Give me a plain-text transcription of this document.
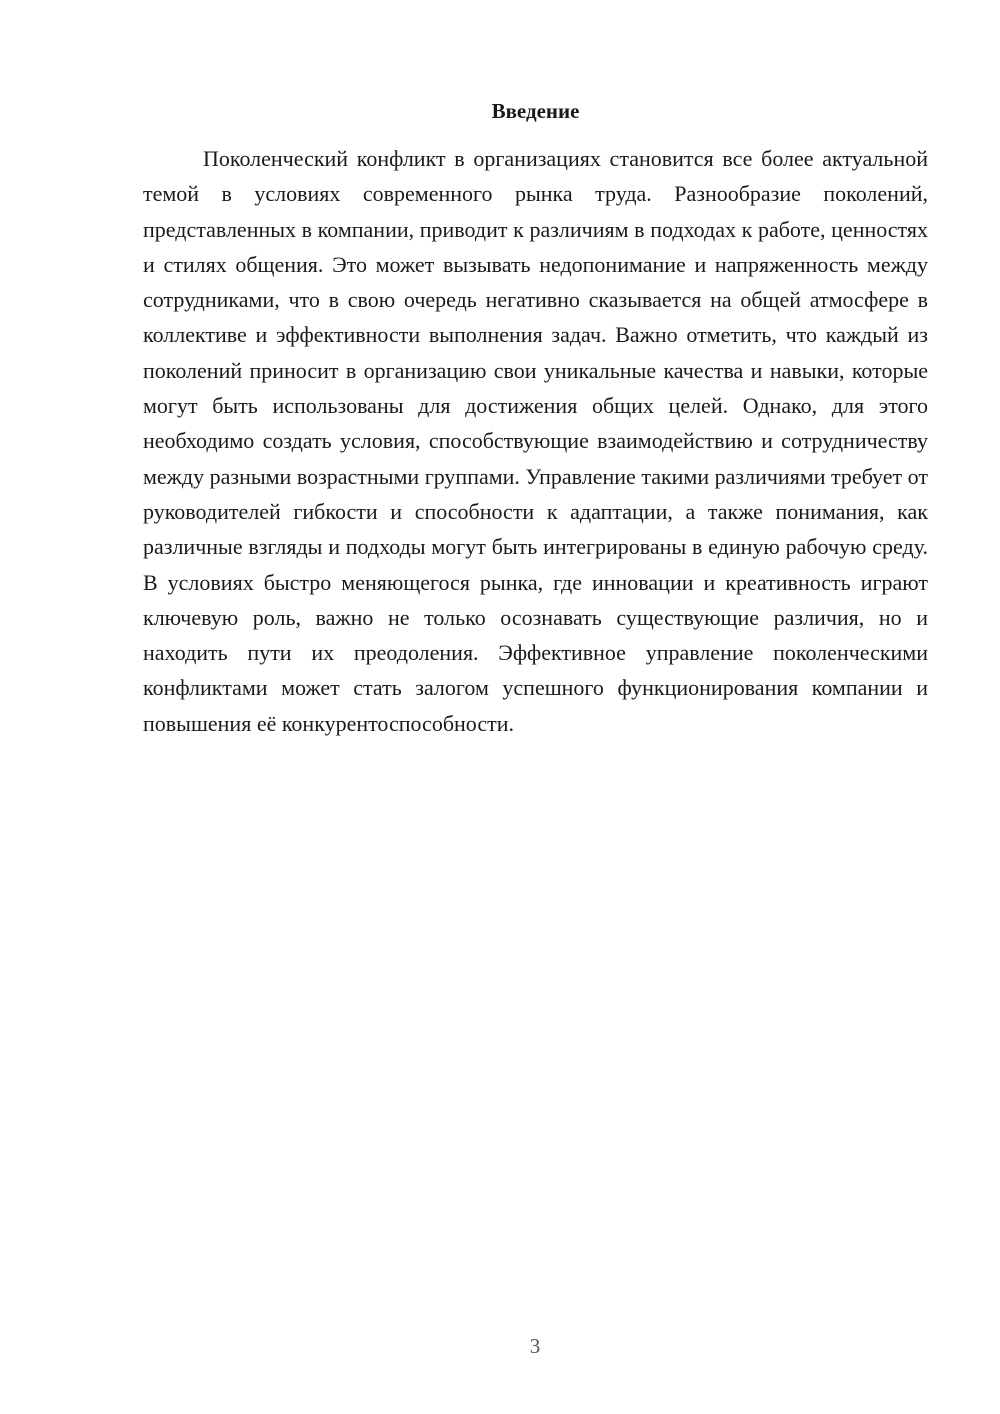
Введение

Поколенческий конфликт в организациях становится все более актуальной темой в условиях современного рынка труда. Разнообразие поколений, представленных в компании, приводит к различиям в подходах к работе, ценностях и стилях общения. Это может вызывать недопонимание и напряженность между сотрудниками, что в свою очередь негативно сказывается на общей атмосфере в коллективе и эффективности выполнения задач. Важно отметить, что каждый из поколений приносит в организацию свои уникальные качества и навыки, которые могут быть использованы для достижения общих целей. Однако, для этого необходимо создать условия, способствующие взаимодействию и сотрудничеству между разными возрастными группами. Управление такими различиями требует от руководителей гибкости и способности к адаптации, а также понимания, как различные взгляды и подходы могут быть интегрированы в единую рабочую среду. В условиях быстро меняющегося рынка, где инновации и креативность играют ключевую роль, важно не только осознавать существующие различия, но и находить пути их преодоления. Эффективное управление поколенческими конфликтами может стать залогом успешного функционирования компании и повышения её конкурентоспособности.

3
